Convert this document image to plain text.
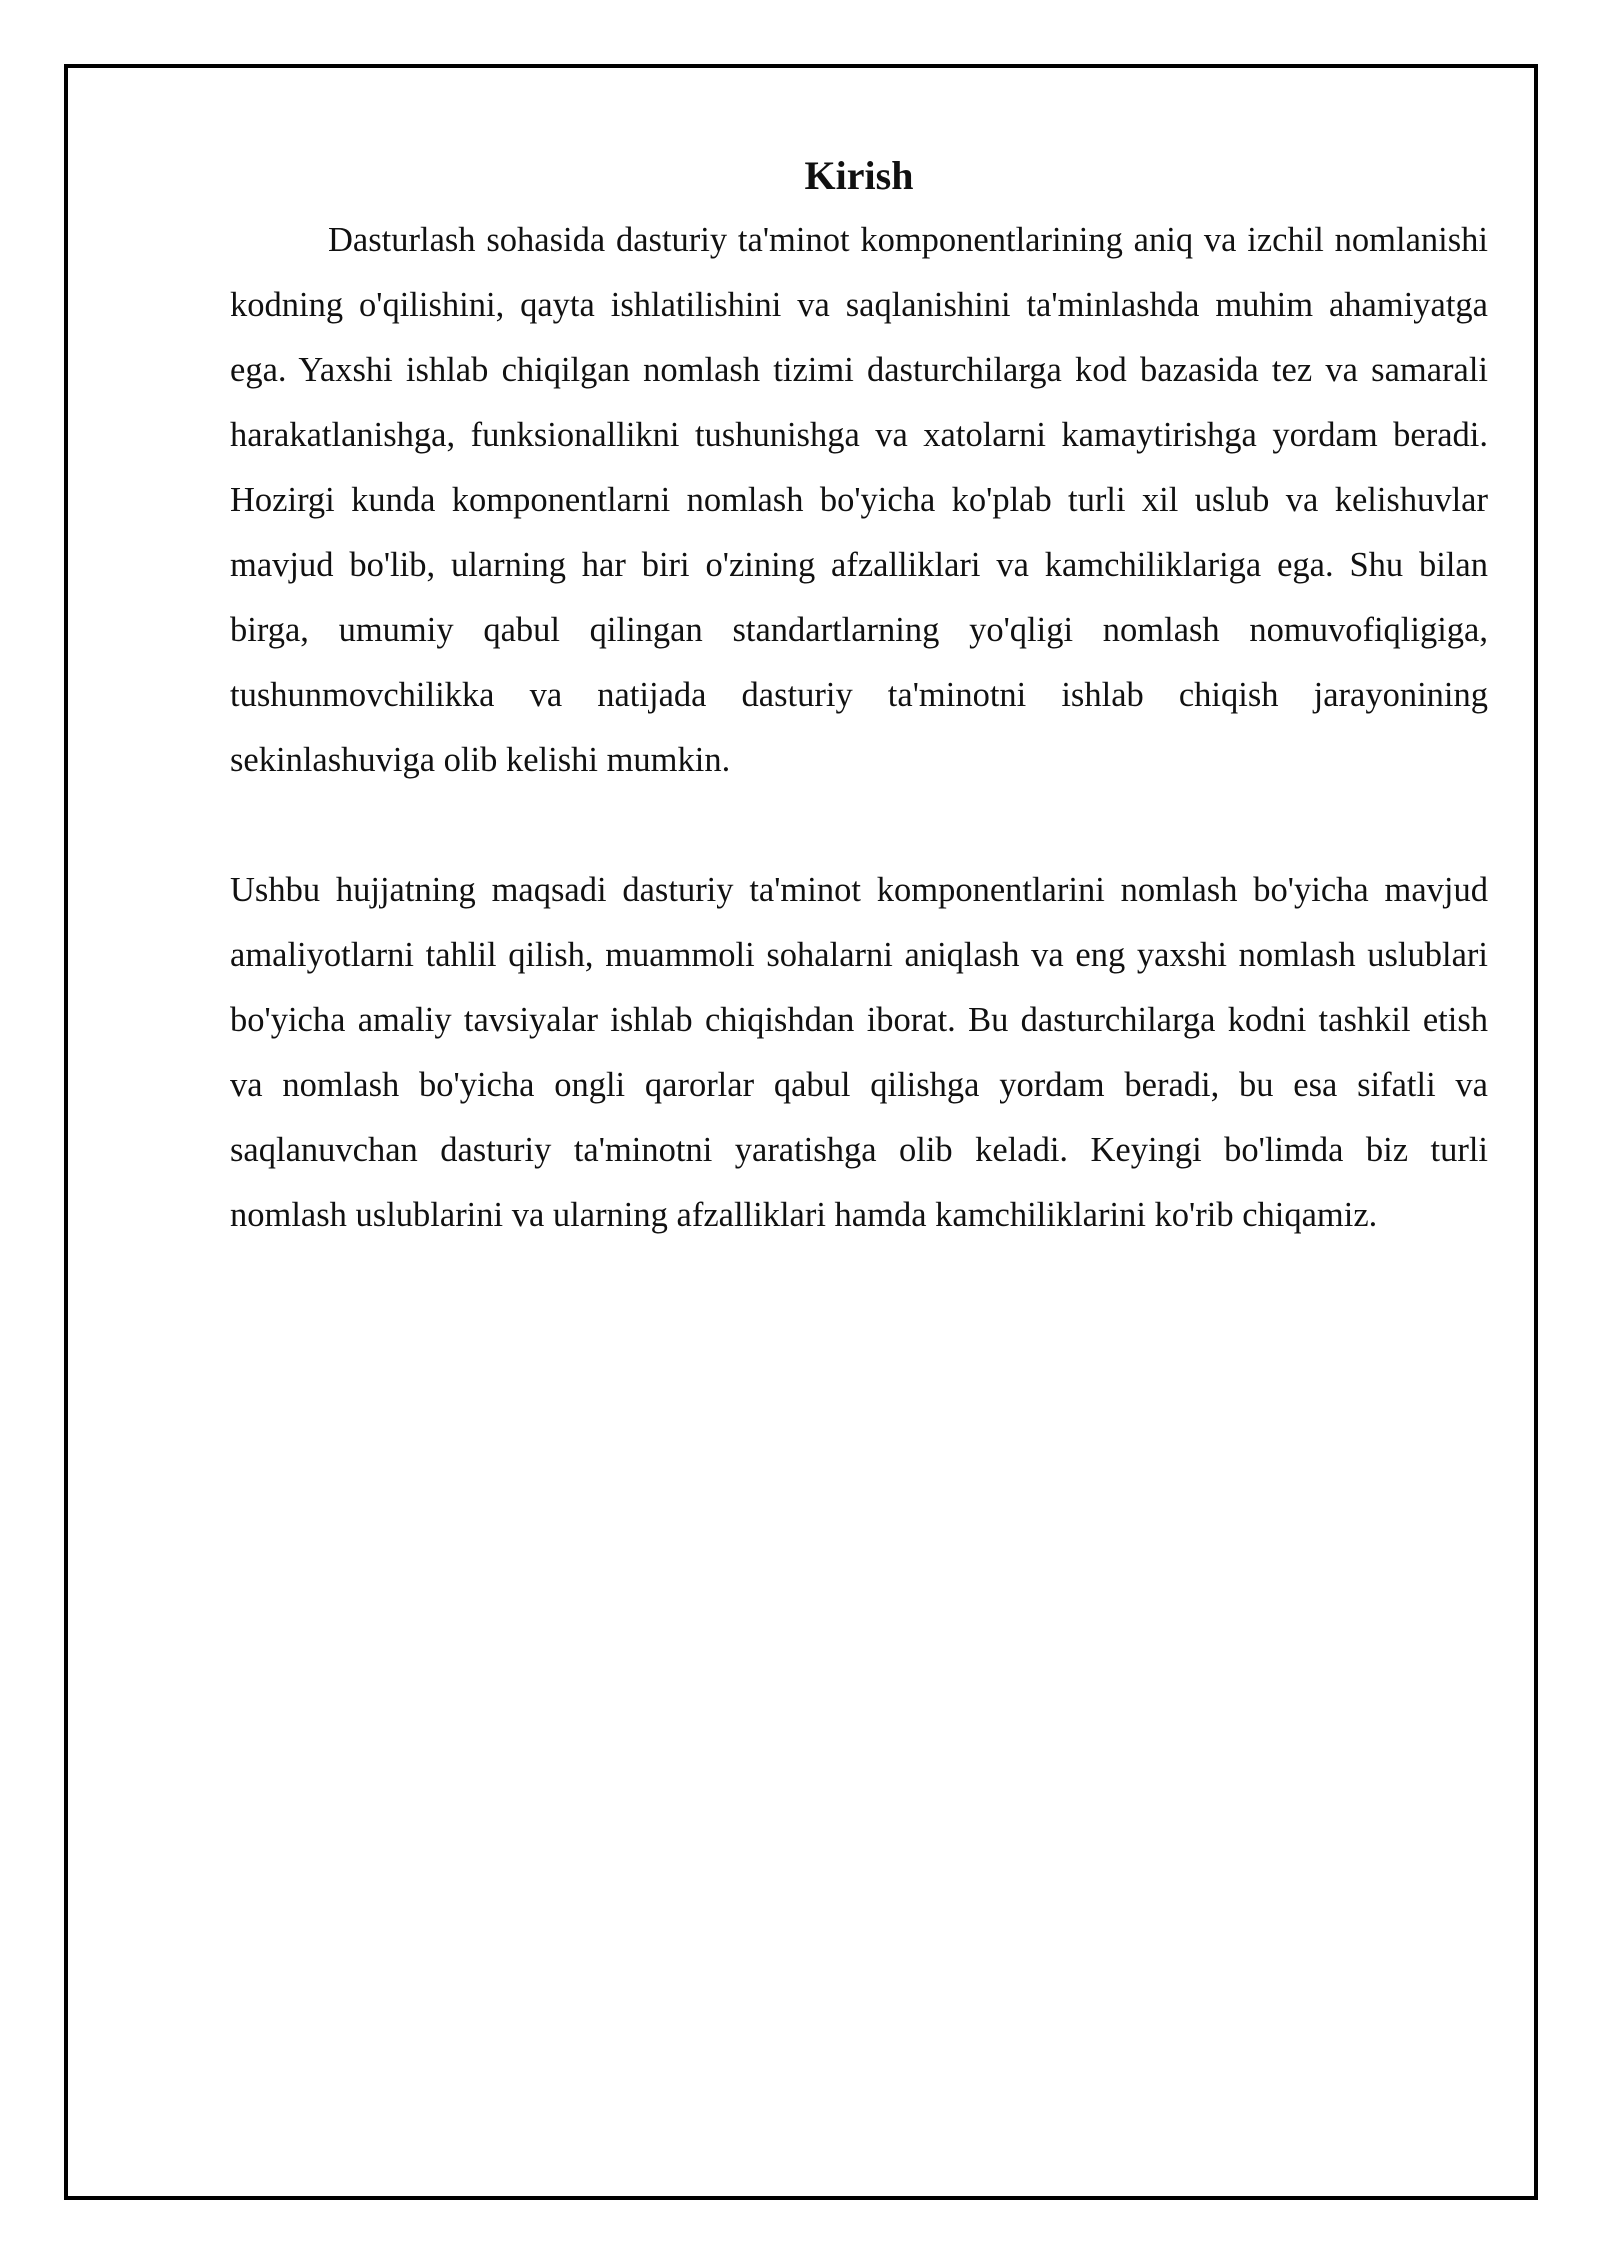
Kirish

Dasturlash sohasida dasturiy ta'minot komponentlarining aniq va izchil nomlanishi kodning o'qilishini, qayta ishlatilishini va saqlanishini ta'minlashda muhim ahamiyatga ega. Yaxshi ishlab chiqilgan nomlash tizimi dasturchilarga kod bazasida tez va samarali harakatlanishga, funksionallikni tushunishga va xatolarni kamaytirishga yordam beradi. Hozirgi kunda komponentlarni nomlash bo'yicha ko'plab turli xil uslub va kelishuvlar mavjud bo'lib, ularning har biri o'zining afzalliklari va kamchiliklariga ega. Shu bilan birga, umumiy qabul qilingan standartlarning yo'qligi nomlash nomuvofiqligiga, tushunmovchilikka va natijada dasturiy ta'minotni ishlab chiqish jarayonining sekinlashuviga olib kelishi mumkin.

Ushbu hujjatning maqsadi dasturiy ta'minot komponentlarini nomlash bo'yicha mavjud amaliyotlarni tahlil qilish, muammoli sohalarni aniqlash va eng yaxshi nomlash uslublari bo'yicha amaliy tavsiyalar ishlab chiqishdan iborat. Bu dasturchilarga kodni tashkil etish va nomlash bo'yicha ongli qarorlar qabul qilishga yordam beradi, bu esa sifatli va saqlanuvchan dasturiy ta'minotni yaratishga olib keladi. Keyingi bo'limda biz turli nomlash uslublarini va ularning afzalliklari hamda kamchiliklarini ko'rib chiqamiz.
